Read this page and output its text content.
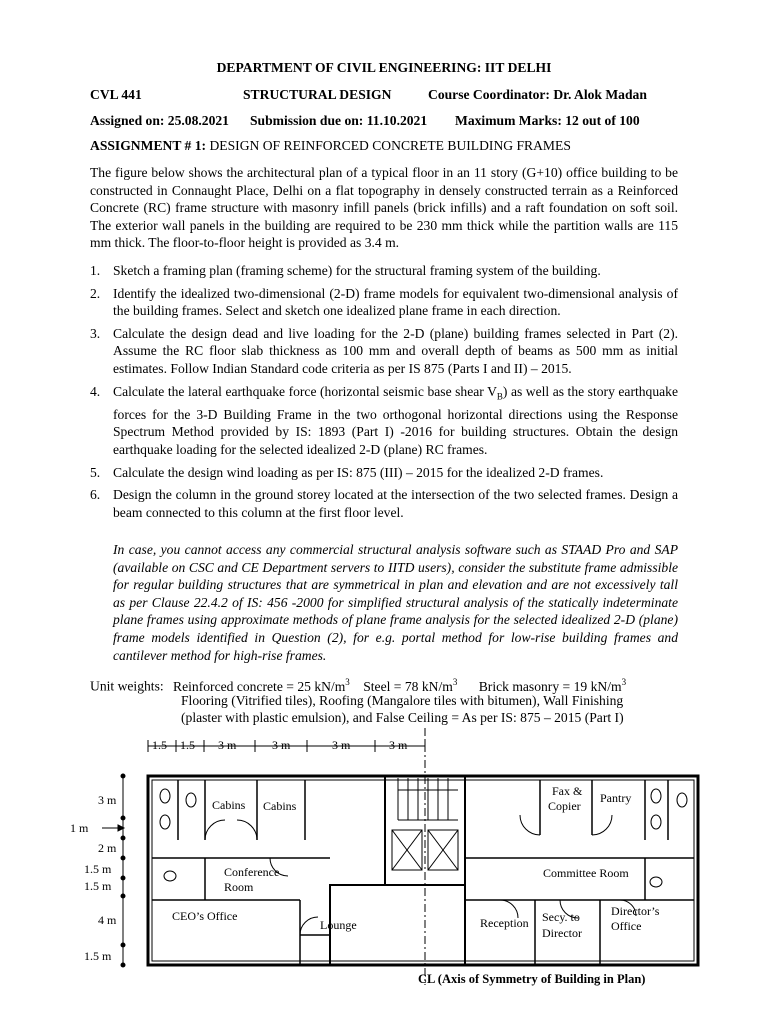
DEPARTMENT OF CIVIL ENGINEERING: IIT DELHI
CVL 441	STRUCTURAL DESIGN	Course Coordinator: Dr. Alok Madan
Assigned on: 25.08.2021 Submission due on: 11.10.2021 Maximum Marks: 12 out of 100
ASSIGNMENT # 1: DESIGN OF REINFORCED CONCRETE BUILDING FRAMES
The figure below shows the architectural plan of a typical floor in an 11 story (G+10) office building to be constructed in Connaught Place, Delhi on a flat topography in densely constructed terrain as a Reinforced Concrete (RC) frame structure with masonry infill panels (brick infills) and a raft foundation on soft soil. The exterior wall panels in the building are required to be 230 mm thick while the partition walls are 115 mm thick. The floor-to-floor height is provided as 3.4 m.
1. Sketch a framing plan (framing scheme) for the structural framing system of the building.
2. Identify the idealized two-dimensional (2-D) frame models for equivalent two-dimensional analysis of the building frames. Select and sketch one idealized plane frame in each direction.
3. Calculate the design dead and live loading for the 2-D (plane) building frames selected in Part (2). Assume the RC floor slab thickness as 100 mm and overall depth of beams as 500 mm as initial estimates. Follow Indian Standard code criteria as per IS 875 (Parts I and II) – 2015.
4. Calculate the lateral earthquake force (horizontal seismic base shear $V_B$) as well as the story earthquake forces for the 3-D Building Frame in the two orthogonal horizontal directions using the Response Spectrum Method provided by IS: 1893 (Part I) -2016 for building structures. Obtain the design earthquake loading for the selected idealized 2-D (plane) RC frames.
5. Calculate the design wind loading as per IS: 875 (III) – 2015 for the idealized 2-D frames.
6. Design the column in the ground storey located at the intersection of the two selected frames. Design a beam connected to this column at the first floor level.
In case, you cannot access any commercial structural analysis software such as STAAD Pro and SAP (available on CSC and CE Department servers to IITD users), consider the substitute frame admissible for regular building structures that are symmetrical in plan and elevation and are not excessively tall as per Clause 22.4.2 of IS: 456 -2000 for simplified structural analysis of the statically indeterminate plane frames using approximate methods of plane frame analysis for the selected idealized 2-D (plane) frame models identified in Question (2), for e.g. portal method for low-rise building frames and cantilever method for high-rise frames.
Unit weights: Reinforced concrete = 25 $kN/m^3$ Steel = 78 $kN/m^3$ Brick masonry = 19 $kN/m^3$
Flooring (Vitrified tiles), Roofing (Mangalore tiles with bitumen), Wall Finishing
(plaster with plastic emulsion), and False Ceiling = As per IS: 875 – 2015 (Part I)
1.5 1.5 3 m	3 m	3 m	3 m
3 m
1 m
2 m
1.5 m
1.5 m
4 m
1.5 m
Cabins Cabins
Fax &
Copier
Pantry
Conference
Room
Committee Room
CEO’s Office
Lounge	Reception Secy. to
Director
Director’s
Office
CL (Axis of Symmetry of Building in Plan)
